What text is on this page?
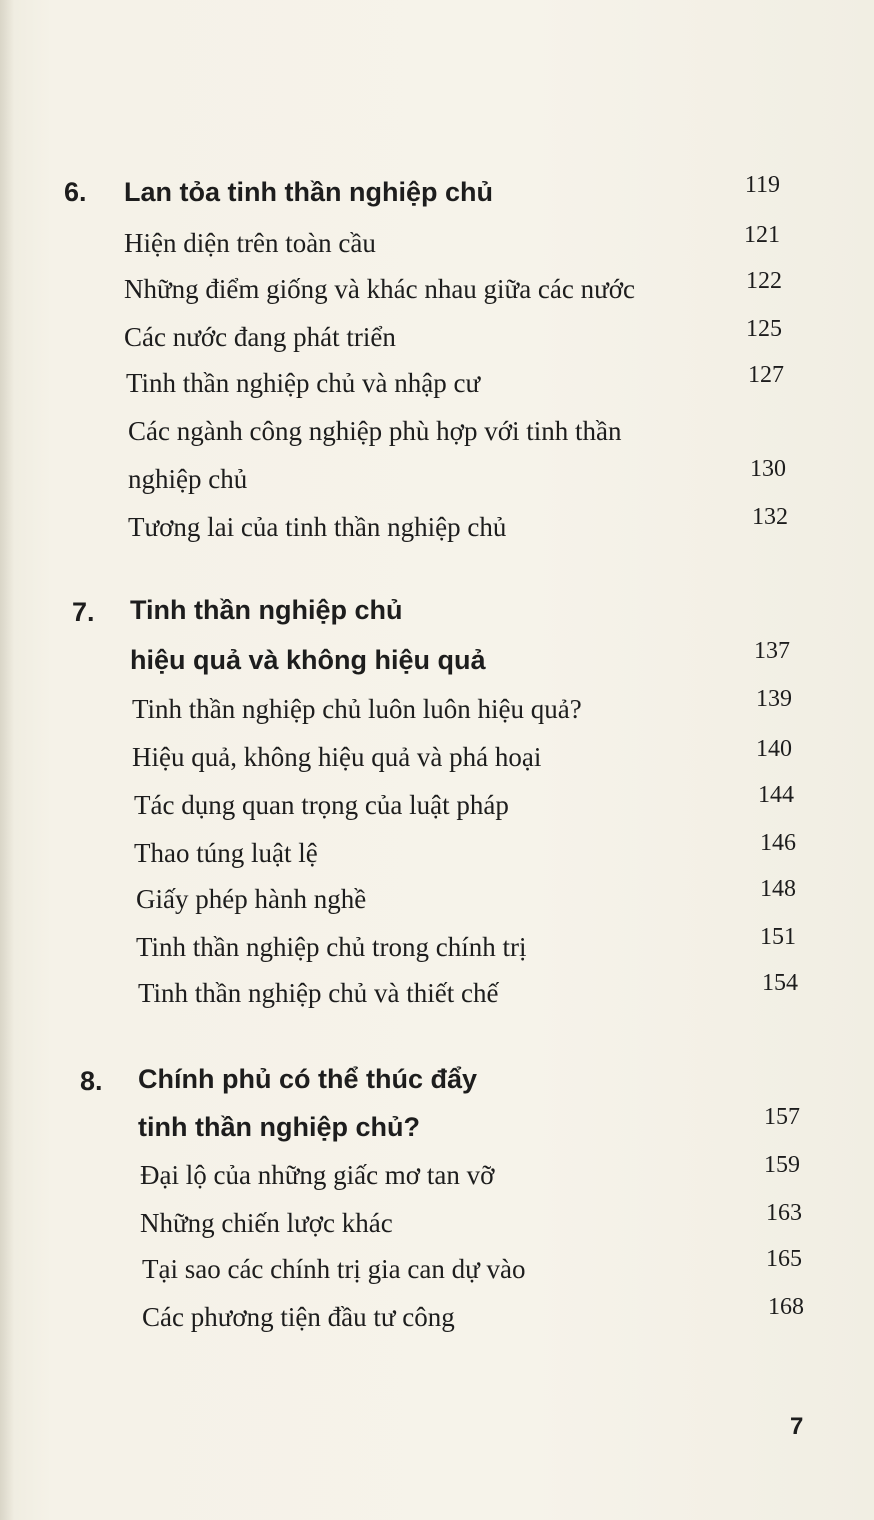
6. Lan tỏa tinh thần nghiệp chủ	119
Hiện diện trên toàn cầu	121
Những điểm giống và khác nhau giữa các nước	122
Các nước đang phát triển	125
Tinh thần nghiệp chủ và nhập cư	127
Các ngành công nghiệp phù hợp với tinh thần
nghiệp chủ	130
Tương lai của tinh thần nghiệp chủ	132
7. Tinh thần nghiệp chủ
hiệu quả và không hiệu quả	137
Tinh thần nghiệp chủ luôn luôn hiệu quả?	139
Hiệu quả, không hiệu quả và phá hoại	140
Tác dụng quan trọng của luật pháp	144
Thao túng luật lệ	146
Giấy phép hành nghề	148
Tinh thần nghiệp chủ trong chính trị	151
Tinh thần nghiệp chủ và thiết chế	154
8. Chính phủ có thể thúc đẩy
tinh thần nghiệp chủ?	157
Đại lộ của những giấc mơ tan vỡ	159
Những chiến lược khác	163
Tại sao các chính trị gia can dự vào	165
Các phương tiện đầu tư công	168
7
